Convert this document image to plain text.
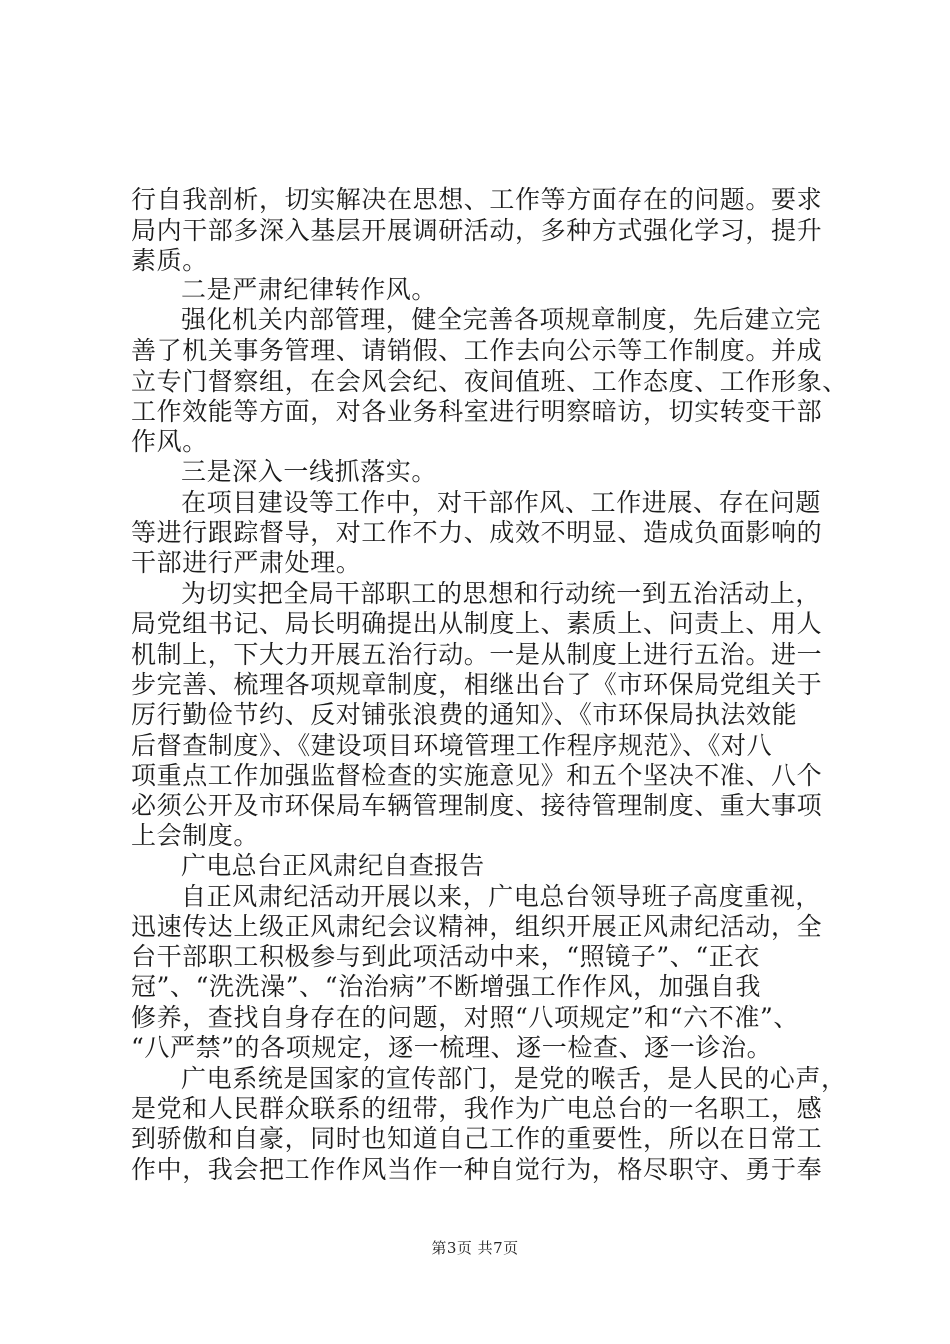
行自我剖析，切实解决在思想、工作等方面存在的问题。要求
局内干部多深入基层开展调研活动，多种方式强化学习，提升
素质。
二是严肃纪律转作风。
强化机关内部管理，健全完善各项规章制度，先后建立完
善了机关事务管理、请销假、工作去向公示等工作制度。并成
立专门督察组，在会风会纪、夜间值班、工作态度、工作形象、
工作效能等方面，对各业务科室进行明察暗访，切实转变干部
作风。
三是深入一线抓落实。
在项目建设等工作中，对干部作风、工作进展、存在问题
等进行跟踪督导，对工作不力、成效不明显、造成负面影响的
干部进行严肃处理。
为切实把全局干部职工的思想和行动统一到五治活动上，
局党组书记、局长明确提出从制度上、素质上、问责上、用人
机制上，下大力开展五治行动。一是从制度上进行五治。进一
步完善、梳理各项规章制度，相继出台了《市环保局党组关于
厉行勤俭节约、反对铺张浪费的通知》、《市环保局执法效能
后督查制度》、《建设项目环境管理工作程序规范》、《对八
项重点工作加强监督检查的实施意见》和五个坚决不准、八个
必须公开及市环保局车辆管理制度、接待管理制度、重大事项
上会制度。
广电总台正风肃纪自查报告
自正风肃纪活动开展以来，广电总台领导班子高度重视，
迅速传达上级正风肃纪会议精神，组织开展正风肃纪活动，全
台干部职工积极参与到此项活动中来，“照镜子”、“正衣
冠”、“洗洗澡”、“治治病”不断增强工作作风，加强自我
修养，查找自身存在的问题，对照“八项规定”和“六不准”、
“八严禁”的各项规定，逐一梳理、逐一检查、逐一诊治。
广电系统是国家的宣传部门，是党的喉舌，是人民的心声，
是党和人民群众联系的纽带，我作为广电总台的一名职工，感
到骄傲和自豪，同时也知道自己工作的重要性，所以在日常工
作中，我会把工作作风当作一种自觉行为，格尽职守、勇于奉
第3页 共7页
